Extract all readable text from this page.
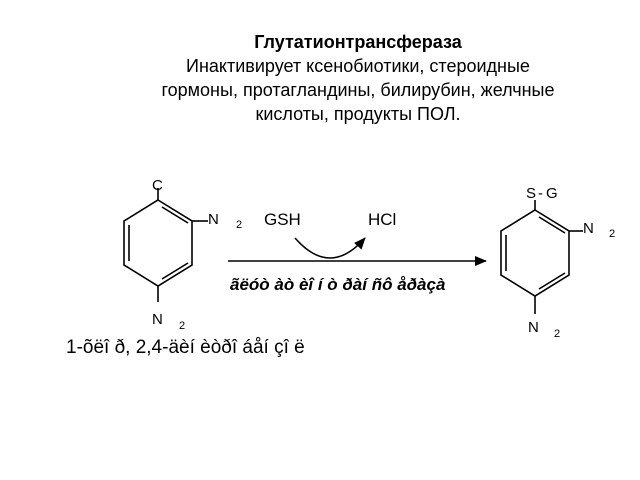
Глутатионтрансфераза

Инактивирует ксенобиотики, стероидные

гормоны, протагландины, билирубин, желчные

кислоты, продукты ПОЛ.

C
N 2
N 2
1-õëî ð, 2,4-äèí èòðî áåí çî ë
GSH	HCl
ãëóò àò èî í ò ðàí ñô åðàçà
S - G
N 2
N 2
